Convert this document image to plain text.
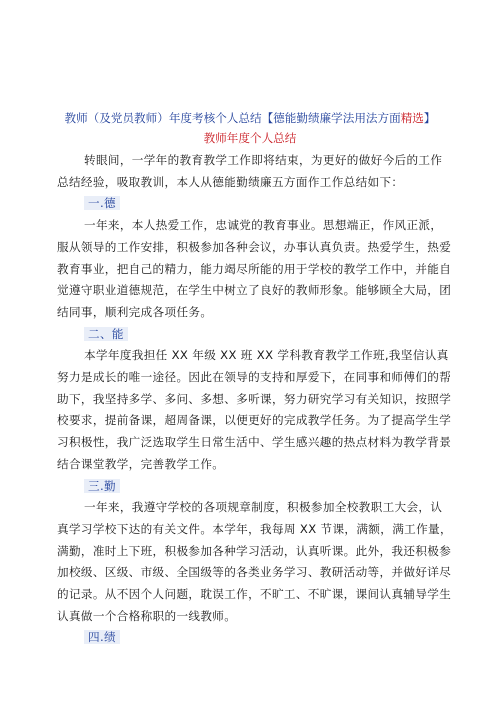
教师（及党员教师）年度考核个人总结【德能勤绩廉学法用法方面精选】
教师年度个人总结

转眼间，一学年的教育教学工作即将结束，为更好的做好今后的工作总结经验，吸取教训，本人从德能勤绩廉五方面作工作总结如下：

一.德

一年来，本人热爱工作，忠诚党的教育事业。思想端正，作风正派，服从领导的工作安排，积极参加各种会议，办事认真负责。热爱学生，热爱教育事业，把自己的精力，能力竭尽所能的用于学校的教学工作中，并能自觉遵守职业道德规范，在学生中树立了良好的教师形象。能够顾全大局，团结同事，顺利完成各项任务。

二、能

本学年度我担任 XX 年级 XX 班 XX 学科教育教学工作班,我坚信认真努力是成长的唯一途径。因此在领导的支持和厚爱下，在同事和师傅们的帮助下，我坚持多学、多问、多想、多听课，努力研究学习有关知识，按照学校要求，提前备课，超周备课，以便更好的完成教学任务。为了提高学生学习积极性，我广泛选取学生日常生活中、学生感兴趣的热点材料为教学背景结合课堂教学，完善教学工作。

三.勤

一年来，我遵守学校的各项规章制度，积极参加全校教职工大会，认真学习学校下达的有关文件。本学年，我每周 XX 节课，满额，满工作量，满勤，准时上下班，积极参加各种学习活动，认真听课。此外，我还积极参加校级、区级、市级、全国级等的各类业务学习、教研活动等，并做好详尽的记录。从不因个人问题，耽误工作，不旷工、不旷课，课间认真辅导学生认真做一个合格称职的一线教师。

四.绩
